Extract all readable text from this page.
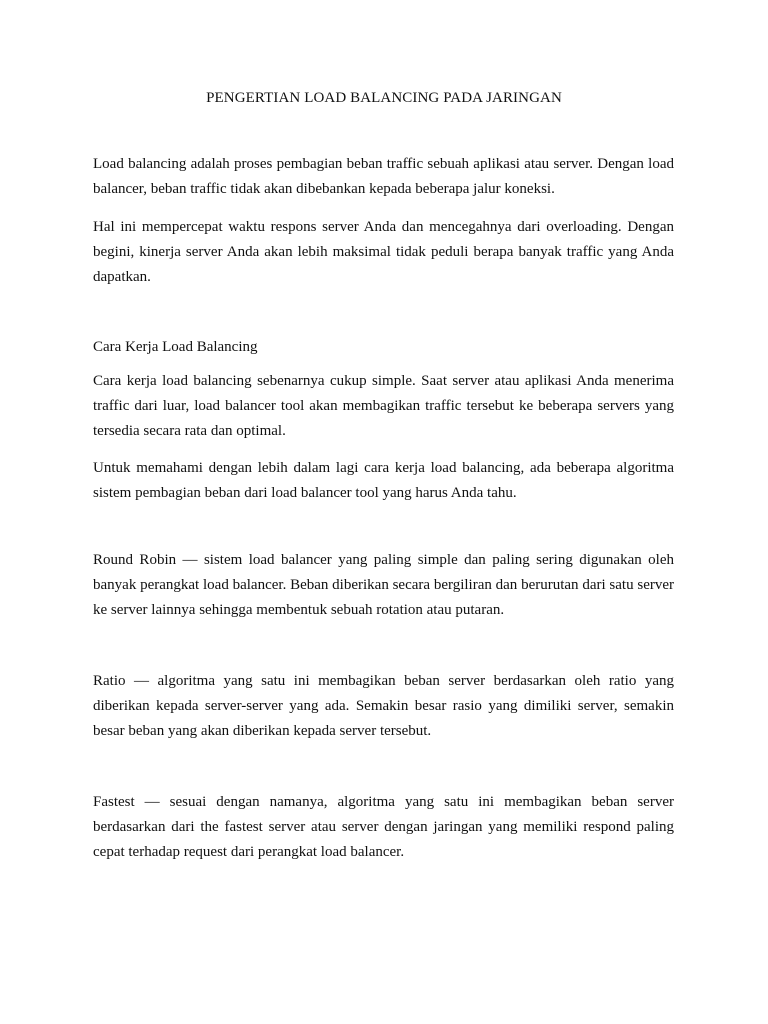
PENGERTIAN LOAD BALANCING PADA JARINGAN

Load balancing adalah proses pembagian beban traffic sebuah aplikasi atau server. Dengan load balancer, beban traffic tidak akan dibebankan kepada beberapa jalur koneksi.

Hal ini mempercepat waktu respons server Anda dan mencegahnya dari overloading. Dengan begini, kinerja server Anda akan lebih maksimal tidak peduli berapa banyak traffic yang Anda dapatkan.

Cara Kerja Load Balancing

Cara kerja load balancing sebenarnya cukup simple. Saat server atau aplikasi Anda menerima traffic dari luar, load balancer tool akan membagikan traffic tersebut ke beberapa servers yang tersedia secara rata dan optimal.

Untuk memahami dengan lebih dalam lagi cara kerja load balancing, ada beberapa algoritma sistem pembagian beban dari load balancer tool yang harus Anda tahu.

Round Robin — sistem load balancer yang paling simple dan paling sering digunakan oleh banyak perangkat load balancer. Beban diberikan secara bergiliran dan berurutan dari satu server ke server lainnya sehingga membentuk sebuah rotation atau putaran.

Ratio — algoritma yang satu ini membagikan beban server berdasarkan oleh ratio yang diberikan kepada server-server yang ada. Semakin besar rasio yang dimiliki server, semakin besar beban yang akan diberikan kepada server tersebut.

Fastest — sesuai dengan namanya, algoritma yang satu ini membagikan beban server berdasarkan dari the fastest server atau server dengan jaringan yang memiliki respond paling cepat terhadap request dari perangkat load balancer.
